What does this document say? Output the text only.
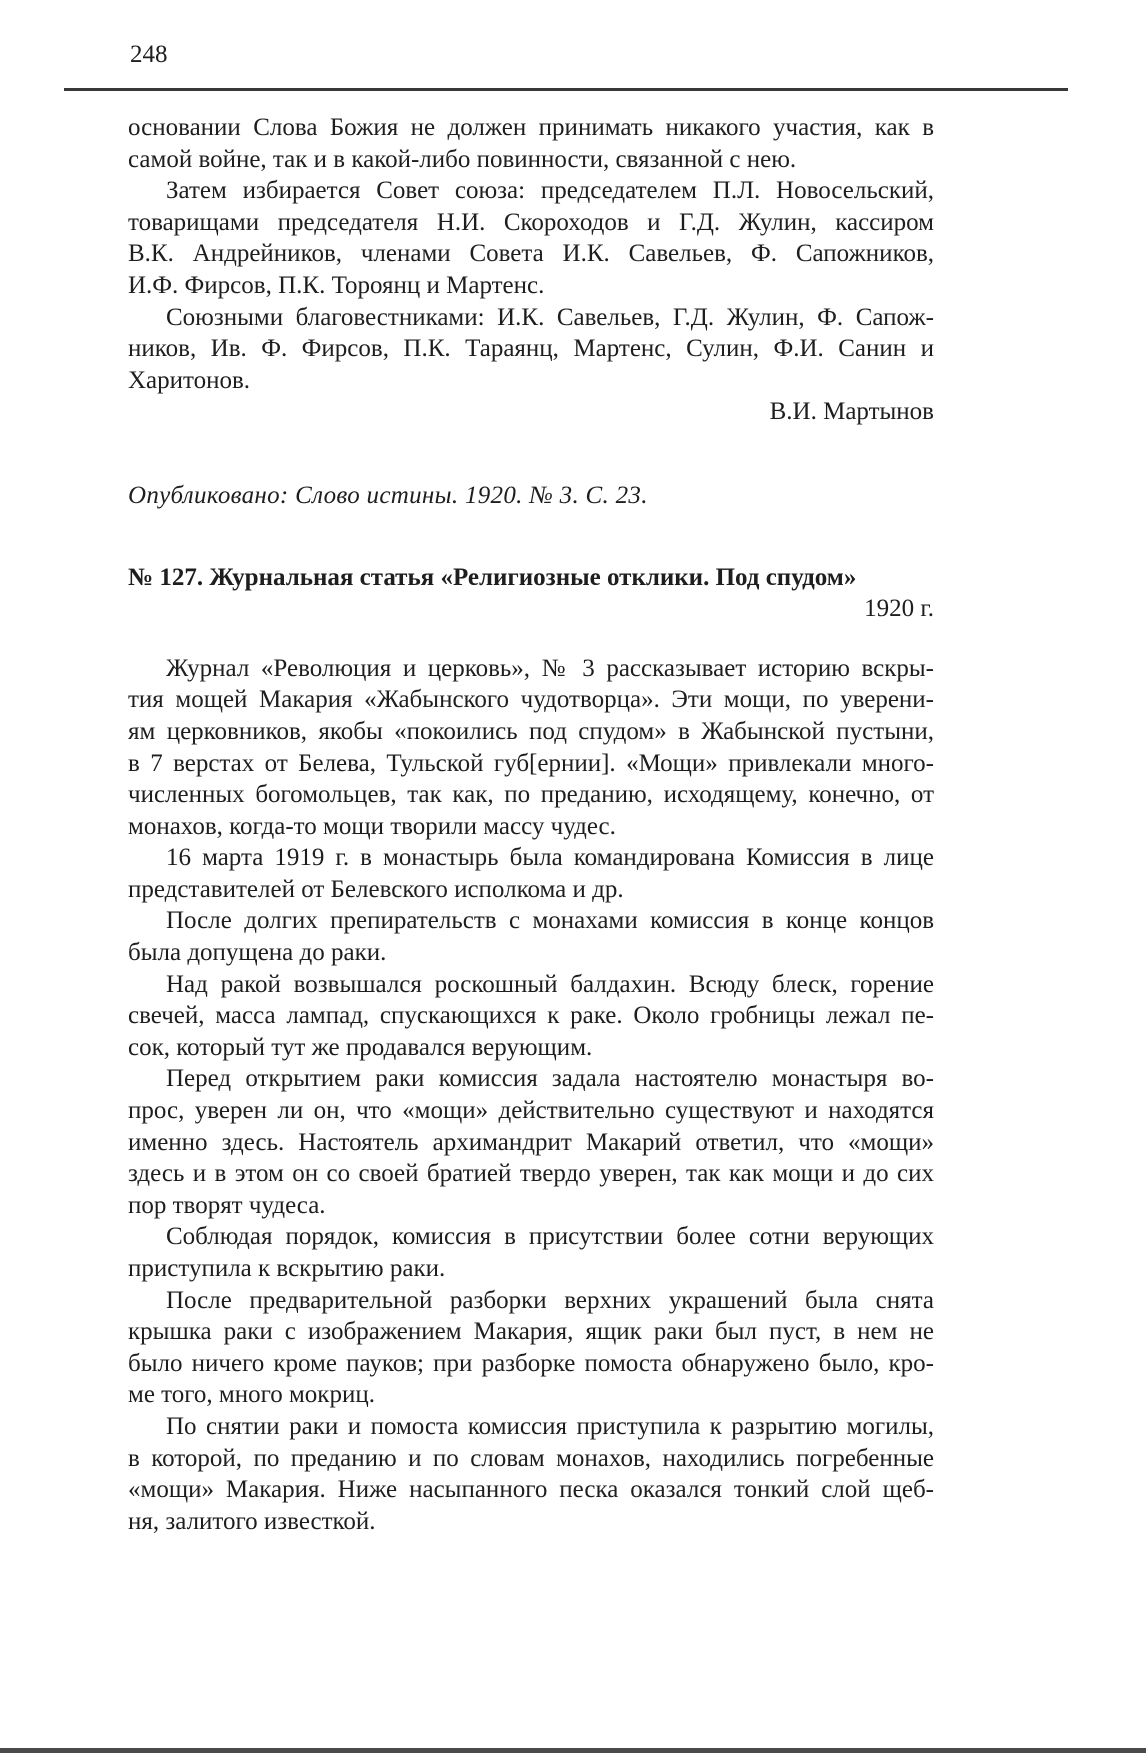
248
основании Слова Божия не должен принимать никакого участия, как в
самой войне, так и в какой-либо повинности, связанной с нею.
Затем избирается Совет союза: председателем П.Л. Новосельский,
товарищами председателя Н.И. Скороходов и Г.Д. Жулин, кассиром
В.К. Андрейников, членами Совета И.К. Савельев, Ф. Сапожников,
И.Ф. Фирсов, П.К. Тороянц и Мартенс.
Союзными благовестниками: И.К. Савельев, Г.Д. Жулин, Ф. Сапож-
ников, Ив. Ф. Фирсов, П.К. Тараянц, Мартенс, Сулин, Ф.И. Санин и
Харитонов.
В.И. Мартынов
Опубликовано: Слово истины. 1920. № 3. С. 23.
№ 127. Журнальная статья «Религиозные отклики. Под спудом»
1920 г.
Журнал «Революция и церковь», № 3 рассказывает историю вскры-
тия мощей Макария «Жабынского чудотворца». Эти мощи, по уверени-
ям церковников, якобы «покоились под спудом» в Жабынской пустыни,
в 7 верстах от Белева, Тульской губ[ернии]. «Мощи» привлекали много-
численных богомольцев, так как, по преданию, исходящему, конечно, от
монахов, когда-то мощи творили массу чудес.
16 марта 1919 г. в монастырь была командирована Комиссия в лице
представителей от Белевского исполкома и др.
После долгих препирательств с монахами комиссия в конце концов
была допущена до раки.
Над ракой возвышался роскошный балдахин. Всюду блеск, горение
свечей, масса лампад, спускающихся к раке. Около гробницы лежал пе-
сок, который тут же продавался верующим.
Перед открытием раки комиссия задала настоятелю монастыря во-
прос, уверен ли он, что «мощи» действительно существуют и находятся
именно здесь. Настоятель архимандрит Макарий ответил, что «мощи»
здесь и в этом он со своей братией твердо уверен, так как мощи и до сих
пор творят чудеса.
Соблюдая порядок, комиссия в присутствии более сотни верующих
приступила к вскрытию раки.
После предварительной разборки верхних украшений была снята
крышка раки с изображением Макария, ящик раки был пуст, в нем не
было ничего кроме пауков; при разборке помоста обнаружено было, кро-
ме того, много мокриц.
По снятии раки и помоста комиссия приступила к разрытию могилы,
в которой, по преданию и по словам монахов, находились погребенные
«мощи» Макария. Ниже насыпанного песка оказался тонкий слой щеб-
ня, залитого известкой.
